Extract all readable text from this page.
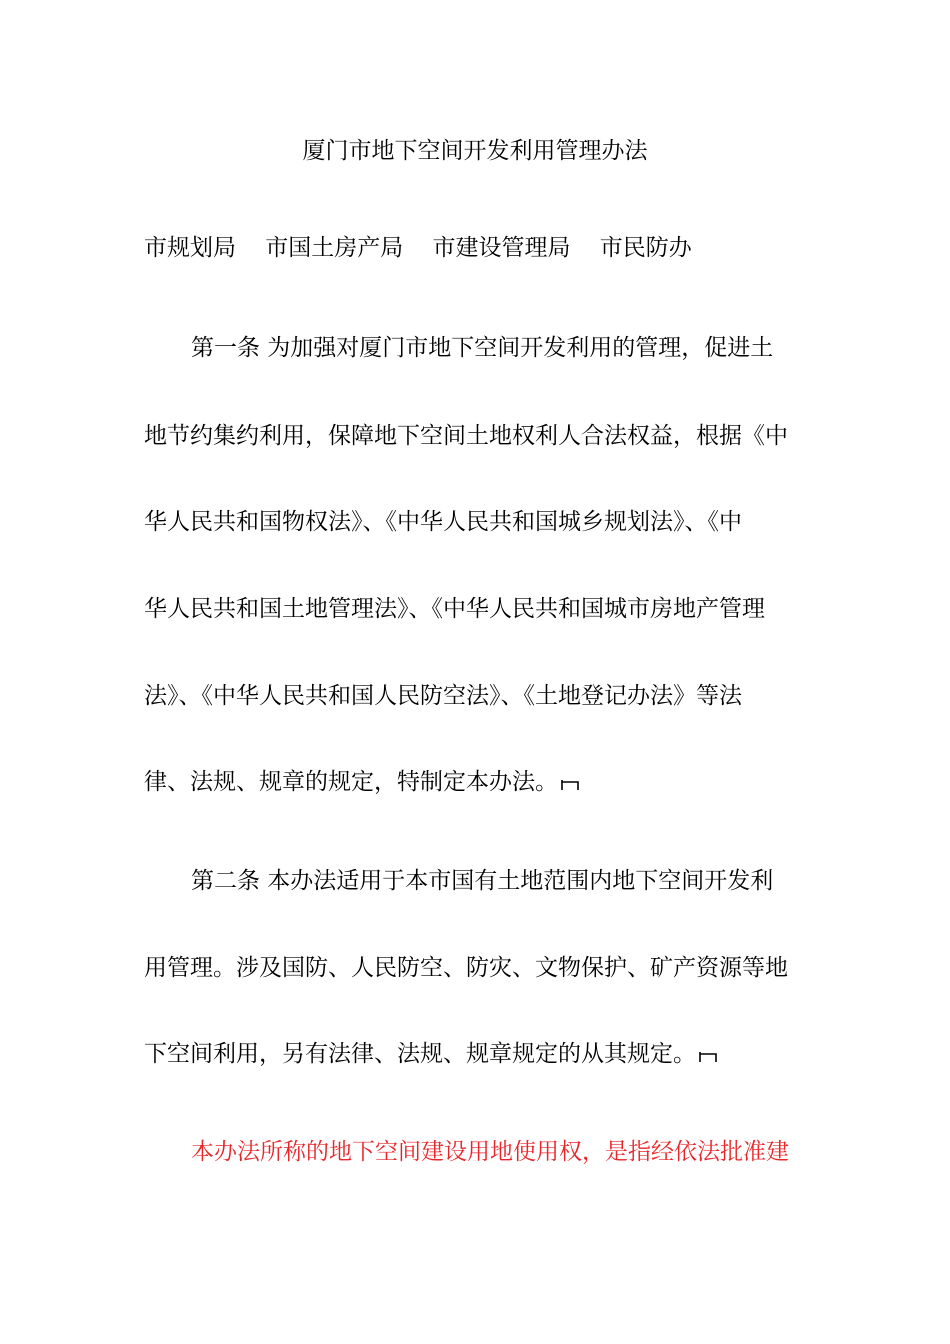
厦门市地下空间开发利用管理办法
市规划局    市国土房产局    市建设管理局    市民防办
第一条 为加强对厦门市地下空间开发利用的管理，促进土
地节约集约利用，保障地下空间土地权利人合法权益，根据《中
华人民共和国物权法》、《中华人民共和国城乡规划法》、《中
华人民共和国土地管理法》、《中华人民共和国城市房地产管理
法》、《中华人民共和国人民防空法》、《土地登记办法》等法
律、法规、规章的规定，特制定本办法。
第二条 本办法适用于本市国有土地范围内地下空间开发利
用管理。涉及国防、人民防空、防灾、文物保护、矿产资源等地
下空间利用，另有法律、法规、规章规定的从其规定。
本办法所称的地下空间建设用地使用权，是指经依法批准建
